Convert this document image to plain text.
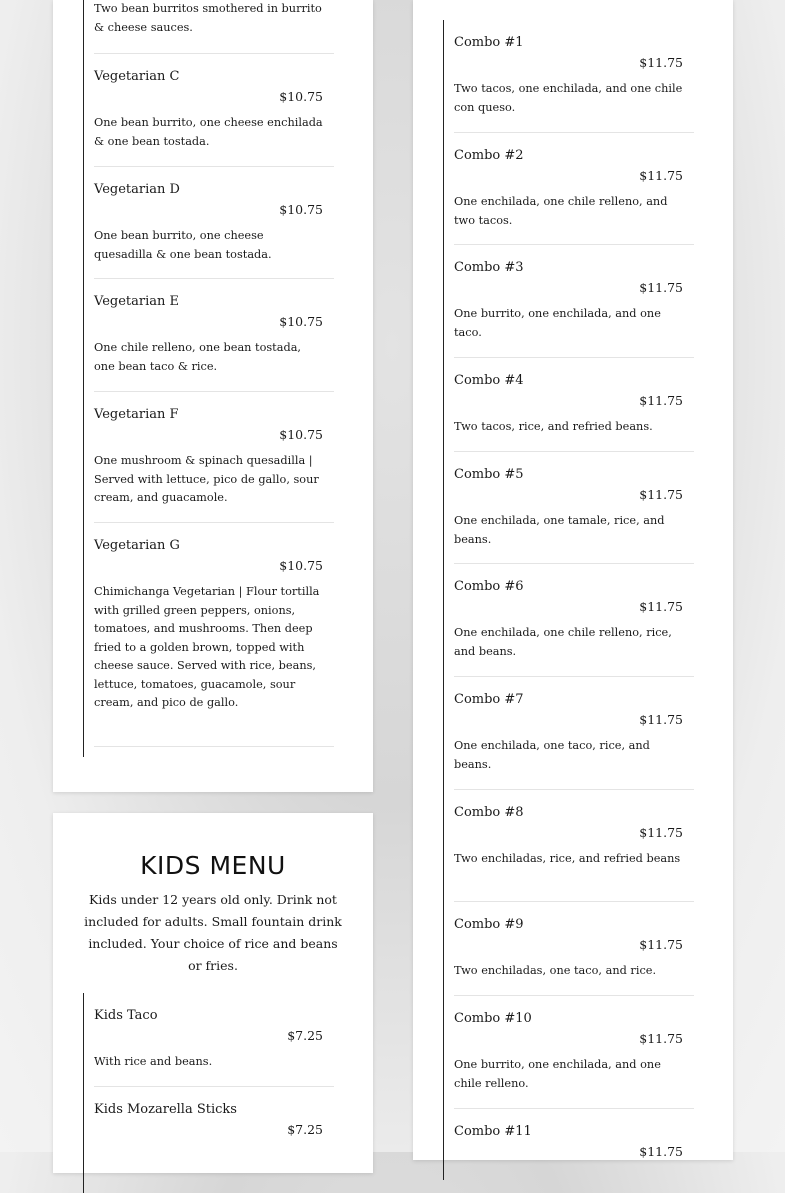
Two bean burritos smothered in burrito & cheese sauces.
Vegetarian C
$10.75
One bean burrito, one cheese enchilada & one bean tostada.
Vegetarian D
$10.75
One bean burrito, one cheese quesadilla & one bean tostada.
Vegetarian E
$10.75
One chile relleno, one bean tostada, one bean taco & rice.
Vegetarian F
$10.75
One mushroom & spinach quesadilla | Served with lettuce, pico de gallo, sour cream, and guacamole.
Vegetarian G
$10.75
Chimichanga Vegetarian | Flour tortilla with grilled green peppers, onions, tomatoes, and mushrooms. Then deep fried to a golden brown, topped with cheese sauce. Served with rice, beans, lettuce, tomatoes, guacamole, sour cream, and pico de gallo.
KIDS MENU
Kids under 12 years old only. Drink not included for adults. Small fountain drink included. Your choice of rice and beans or fries.
Kids Taco
$7.25
With rice and beans.
Kids Mozarella Sticks
$7.25
Combo #1
$11.75
Two tacos, one enchilada, and one chile con queso.
Combo #2
$11.75
One enchilada, one chile relleno, and two tacos.
Combo #3
$11.75
One burrito, one enchilada, and one taco.
Combo #4
$11.75
Two tacos, rice, and refried beans.
Combo #5
$11.75
One enchilada, one tamale, rice, and beans.
Combo #6
$11.75
One enchilada, one chile relleno, rice, and beans.
Combo #7
$11.75
One enchilada, one taco, rice, and beans.
Combo #8
$11.75
Two enchiladas, rice, and refried beans
Combo #9
$11.75
Two enchiladas, one taco, and rice.
Combo #10
$11.75
One burrito, one enchilada, and one chile relleno.
Combo #11
$11.75
